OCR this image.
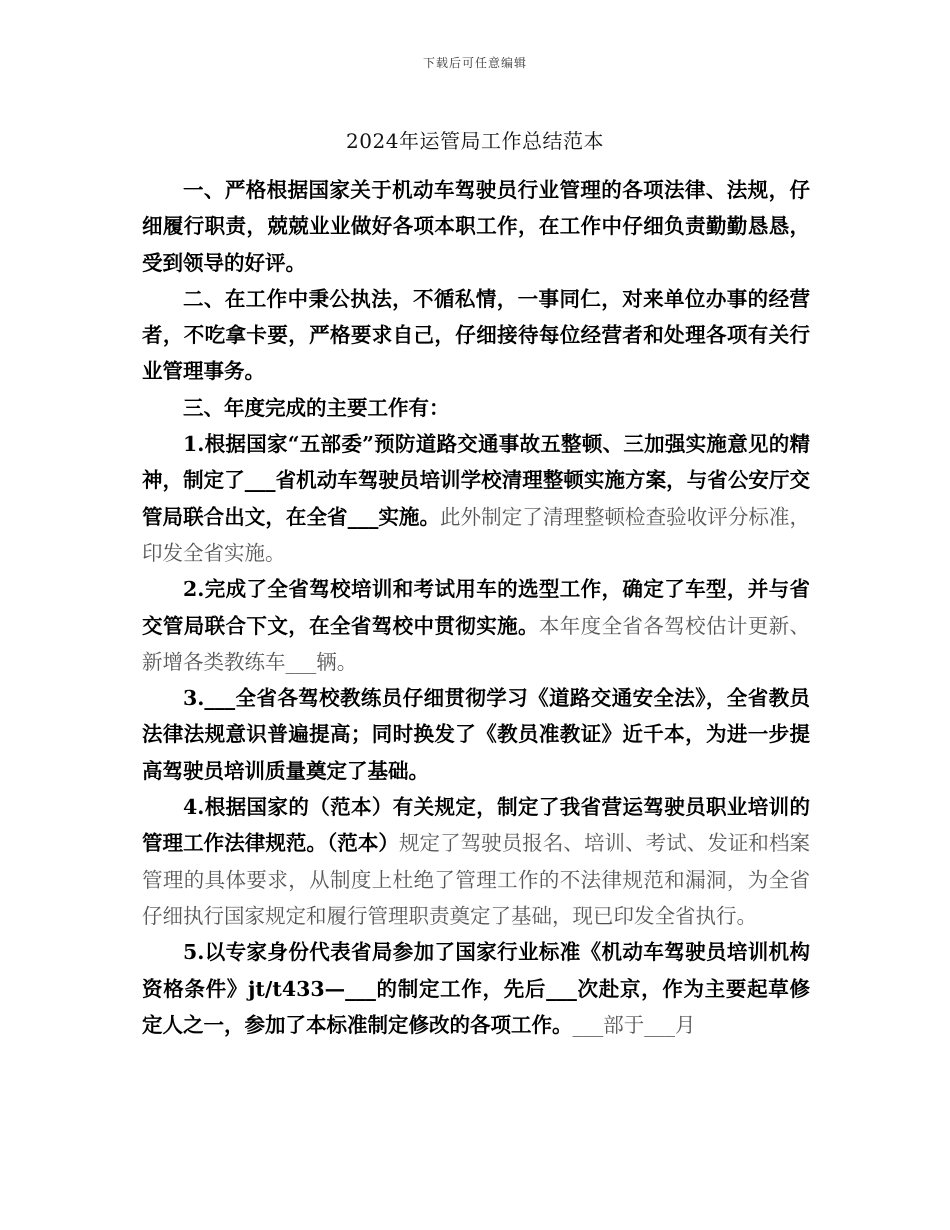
下载后可任意编辑
2024年运管局工作总结范本

一、严格根据国家关于机动车驾驶员行业管理的各项法律、法规，仔细履行职责，兢兢业业做好各项本职工作，在工作中仔细负责勤勤恳恳，受到领导的好评。

二、在工作中秉公执法，不循私情，一事同仁，对来单位办事的经营者，不吃拿卡要，严格要求自己，仔细接待每位经营者和处理各项有关行业管理事务。

三、年度完成的主要工作有：

1.根据国家“五部委”预防道路交通事故五整顿、三加强实施意见的精神，制定了___省机动车驾驶员培训学校清理整顿实施方案，与省公安厅交管局联合出文，在全省___实施。此外制定了清理整顿检查验收评分标准，印发全省实施。

2.完成了全省驾校培训和考试用车的选型工作，确定了车型，并与省交管局联合下文，在全省驾校中贯彻实施。本年度全省各驾校估计更新、新增各类教练车___辆。

3.___全省各驾校教练员仔细贯彻学习《道路交通安全法》，全省教员法律法规意识普遍提高；同时换发了《教员准教证》近千本，为进一步提高驾驶员培训质量奠定了基础。

4.根据国家的（范本）有关规定，制定了我省营运驾驶员职业培训的管理工作法律规范。（范本）规定了驾驶员报名、培训、考试、发证和档案管理的具体要求，从制度上杜绝了管理工作的不法律规范和漏洞，为全省仔细执行国家规定和履行管理职责奠定了基础，现已印发全省执行。

5.以专家身份代表省局参加了国家行业标准《机动车驾驶员培训机构资格条件》jt/t433—___的制定工作，先后___次赴京，作为主要起草修定人之一，参加了本标准制定修改的各项工作。___部于___月
